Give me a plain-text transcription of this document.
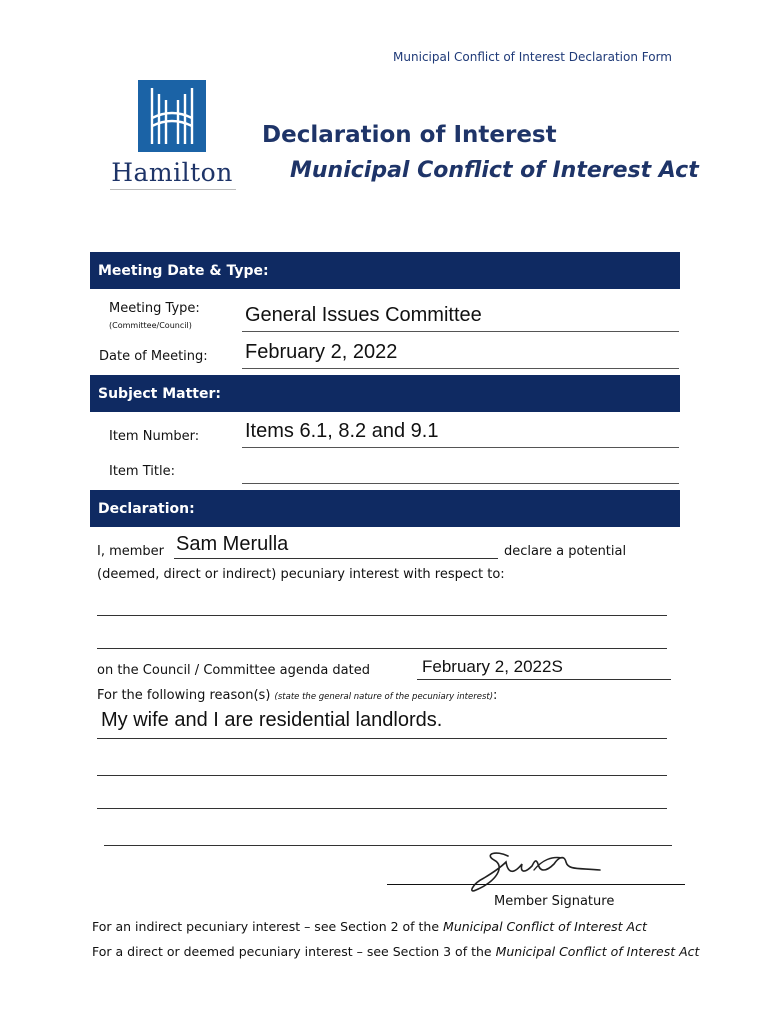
Municipal Conflict of Interest Declaration Form
Hamilton
Declaration of Interest
Municipal Conflict of Interest Act
Meeting Date & Type:
Meeting Type:
(Committee/Council)	General Issues Committee
Date of Meeting: February 2, 2022
Subject Matter:
Item Number: Items 6.1, 8.2 and 9.1
Item Title:
Declaration:
I, member Sam Merulla	declare a potential
(deemed, direct or indirect) pecuniary interest with respect to:
on the Council / Committee agenda dated	February 2, 2022S
For the following reason(s) (state the general nature of the pecuniary interest):
My wife and I are residential landlords.
Member Signature
For an indirect pecuniary interest – see Section 2 of the Municipal Conflict of Interest Act
For a direct or deemed pecuniary interest – see Section 3 of the Municipal Conflict of Interest Act
